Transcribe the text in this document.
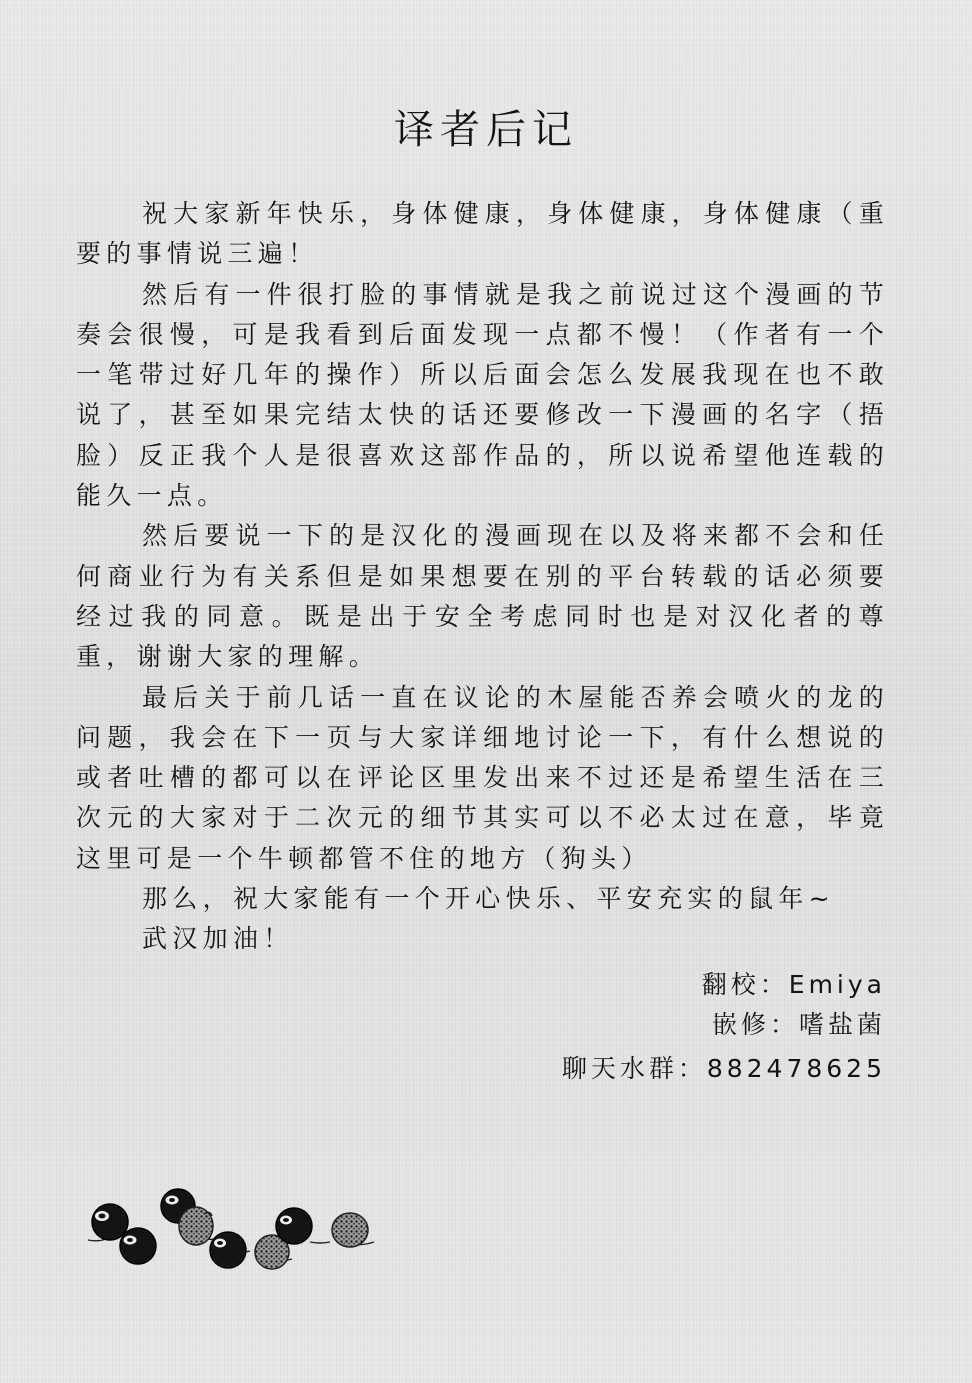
译者后记

祝大家新年快乐，身体健康，身体健康，身体健康（重要的事情说三遍！

然后有一件很打脸的事情就是我之前说过这个漫画的节奏会很慢，可是我看到后面发现一点都不慢！（作者有一个一笔带过好几年的操作）所以后面会怎么发展我现在也不敢说了，甚至如果完结太快的话还要修改一下漫画的名字（捂脸）反正我个人是很喜欢这部作品的，所以说希望他连载的能久一点。

然后要说一下的是汉化的漫画现在以及将来都不会和任何商业行为有关系但是如果想要在别的平台转载的话必须要经过我的同意。既是出于安全考虑同时也是对汉化者的尊重，谢谢大家的理解。

最后关于前几话一直在议论的木屋能否养会喷火的龙的问题，我会在下一页与大家详细地讨论一下，有什么想说的或者吐槽的都可以在评论区里发出来不过还是希望生活在三次元的大家对于二次元的细节其实可以不必太过在意，毕竟这里可是一个牛顿都管不住的地方（狗头）

那么，祝大家能有一个开心快乐、平安充实的鼠年~

武汉加油！

翻校：Emiya
嵌修：嗜盐菌
聊天水群：882478625
